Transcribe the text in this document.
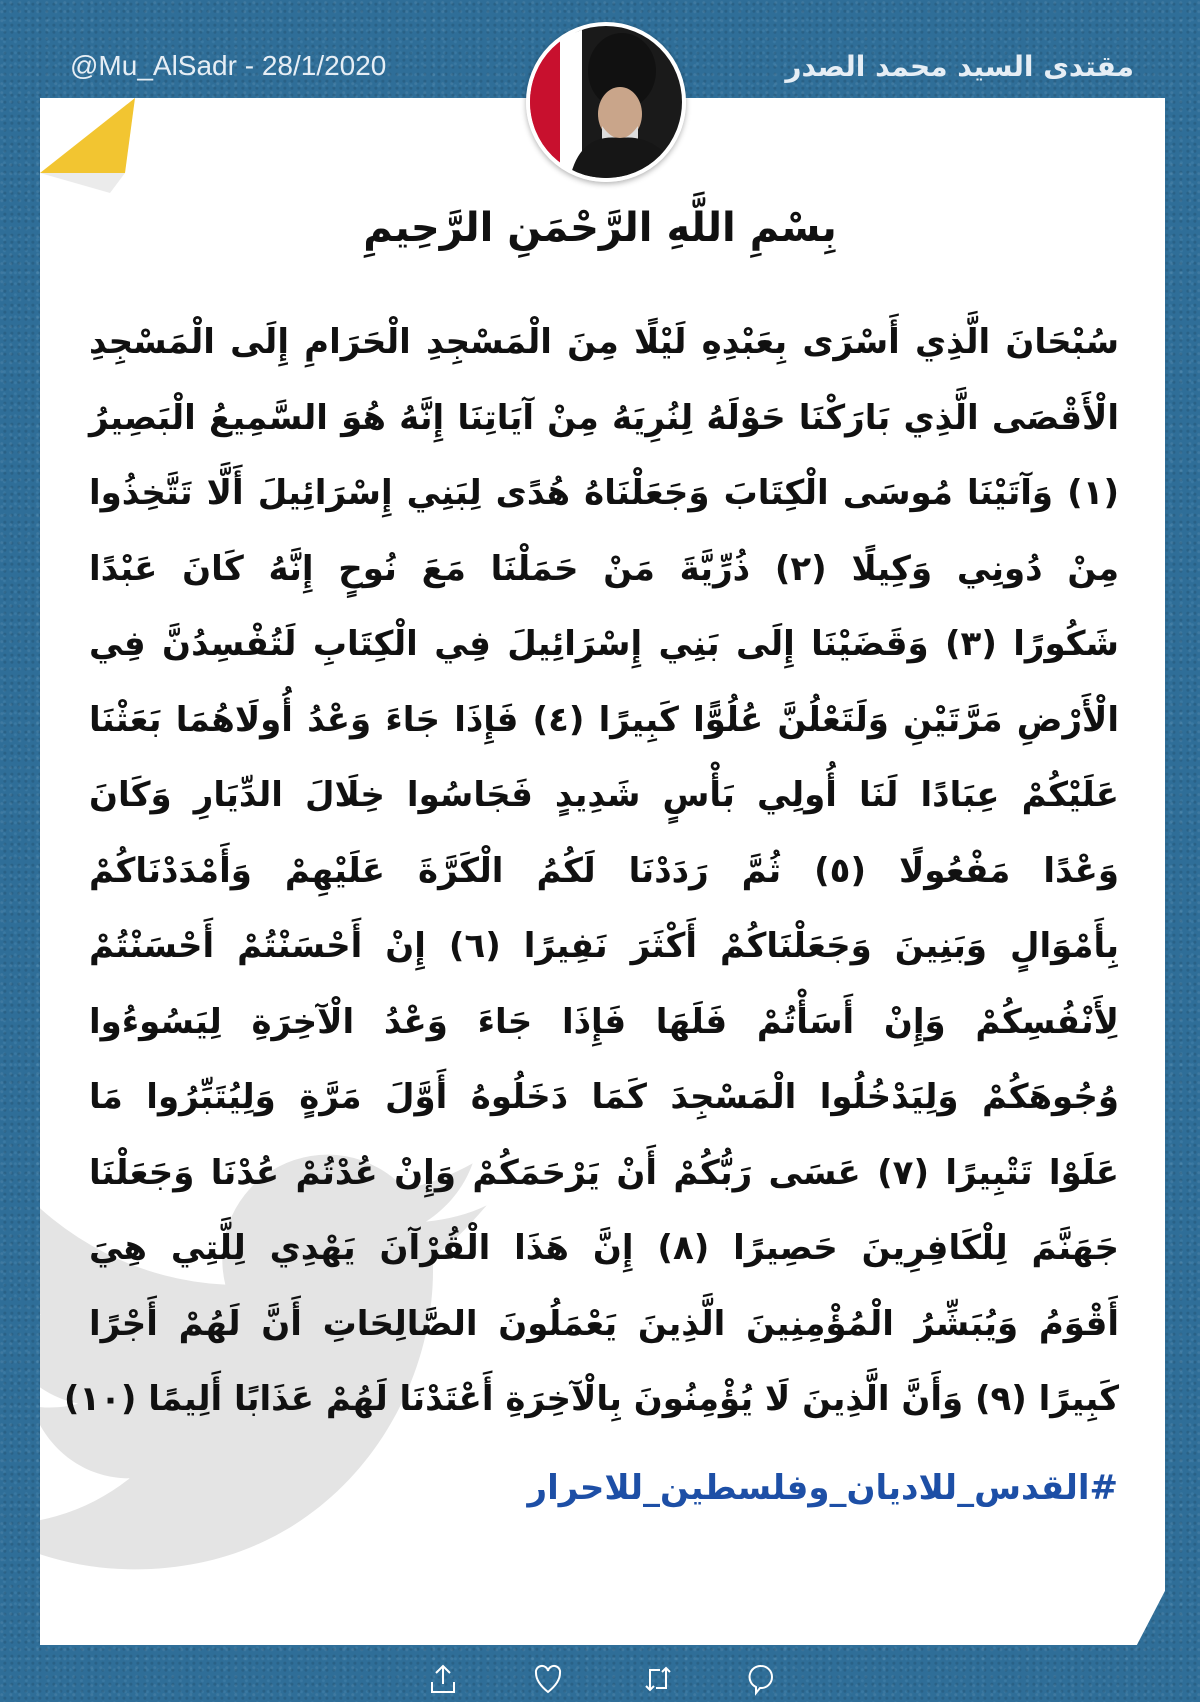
@Mu_AlSadr - 28/1/2020	مقتدى السيد محمد الصدر
بِسْمِ اللَّهِ الرَّحْمَنِ الرَّحِيمِ
سُبْحَانَ الَّذِي أَسْرَى بِعَبْدِهِ لَيْلًا مِنَ الْمَسْجِدِ الْحَرَامِ إِلَى الْمَسْجِدِ
الْأَقْصَى الَّذِي بَارَكْنَا حَوْلَهُ لِنُرِيَهُ مِنْ آيَاتِنَا إِنَّهُ هُوَ السَّمِيعُ الْبَصِيرُ
(١) وَآتَيْنَا مُوسَى الْكِتَابَ وَجَعَلْنَاهُ هُدًى لِبَنِي إِسْرَائِيلَ أَلَّا تَتَّخِذُوا
مِنْ دُونِي وَكِيلًا (٢) ذُرِّيَّةَ مَنْ حَمَلْنَا مَعَ نُوحٍ إِنَّهُ كَانَ عَبْدًا
شَكُورًا (٣) وَقَضَيْنَا إِلَى بَنِي إِسْرَائِيلَ فِي الْكِتَابِ لَتُفْسِدُنَّ فِي
الْأَرْضِ مَرَّتَيْنِ وَلَتَعْلُنَّ عُلُوًّا كَبِيرًا (٤) فَإِذَا جَاءَ وَعْدُ أُولَاهُمَا بَعَثْنَا
عَلَيْكُمْ عِبَادًا لَنَا أُولِي بَأْسٍ شَدِيدٍ فَجَاسُوا خِلَالَ الدِّيَارِ وَكَانَ
وَعْدًا مَفْعُولًا (٥) ثُمَّ رَدَدْنَا لَكُمُ الْكَرَّةَ عَلَيْهِمْ وَأَمْدَدْنَاكُمْ
بِأَمْوَالٍ وَبَنِينَ وَجَعَلْنَاكُمْ أَكْثَرَ نَفِيرًا (٦) إِنْ أَحْسَنْتُمْ أَحْسَنْتُمْ
لِأَنْفُسِكُمْ وَإِنْ أَسَأْتُمْ فَلَهَا فَإِذَا جَاءَ وَعْدُ الْآخِرَةِ لِيَسُوءُوا
وُجُوهَكُمْ وَلِيَدْخُلُوا الْمَسْجِدَ كَمَا دَخَلُوهُ أَوَّلَ مَرَّةٍ وَلِيُتَبِّرُوا مَا
عَلَوْا تَتْبِيرًا (٧) عَسَى رَبُّكُمْ أَنْ يَرْحَمَكُمْ وَإِنْ عُدْتُمْ عُدْنَا وَجَعَلْنَا
جَهَنَّمَ لِلْكَافِرِينَ حَصِيرًا (٨) إِنَّ هَذَا الْقُرْآنَ يَهْدِي لِلَّتِي هِيَ
أَقْوَمُ وَيُبَشِّرُ الْمُؤْمِنِينَ الَّذِينَ يَعْمَلُونَ الصَّالِحَاتِ أَنَّ لَهُمْ أَجْرًا
كَبِيرًا (٩) وَأَنَّ الَّذِينَ لَا يُؤْمِنُونَ بِالْآخِرَةِ أَعْتَدْنَا لَهُمْ عَذَابًا أَلِيمًا (١٠)
#القدس_للاديان_وفلسطين_للاحرار
